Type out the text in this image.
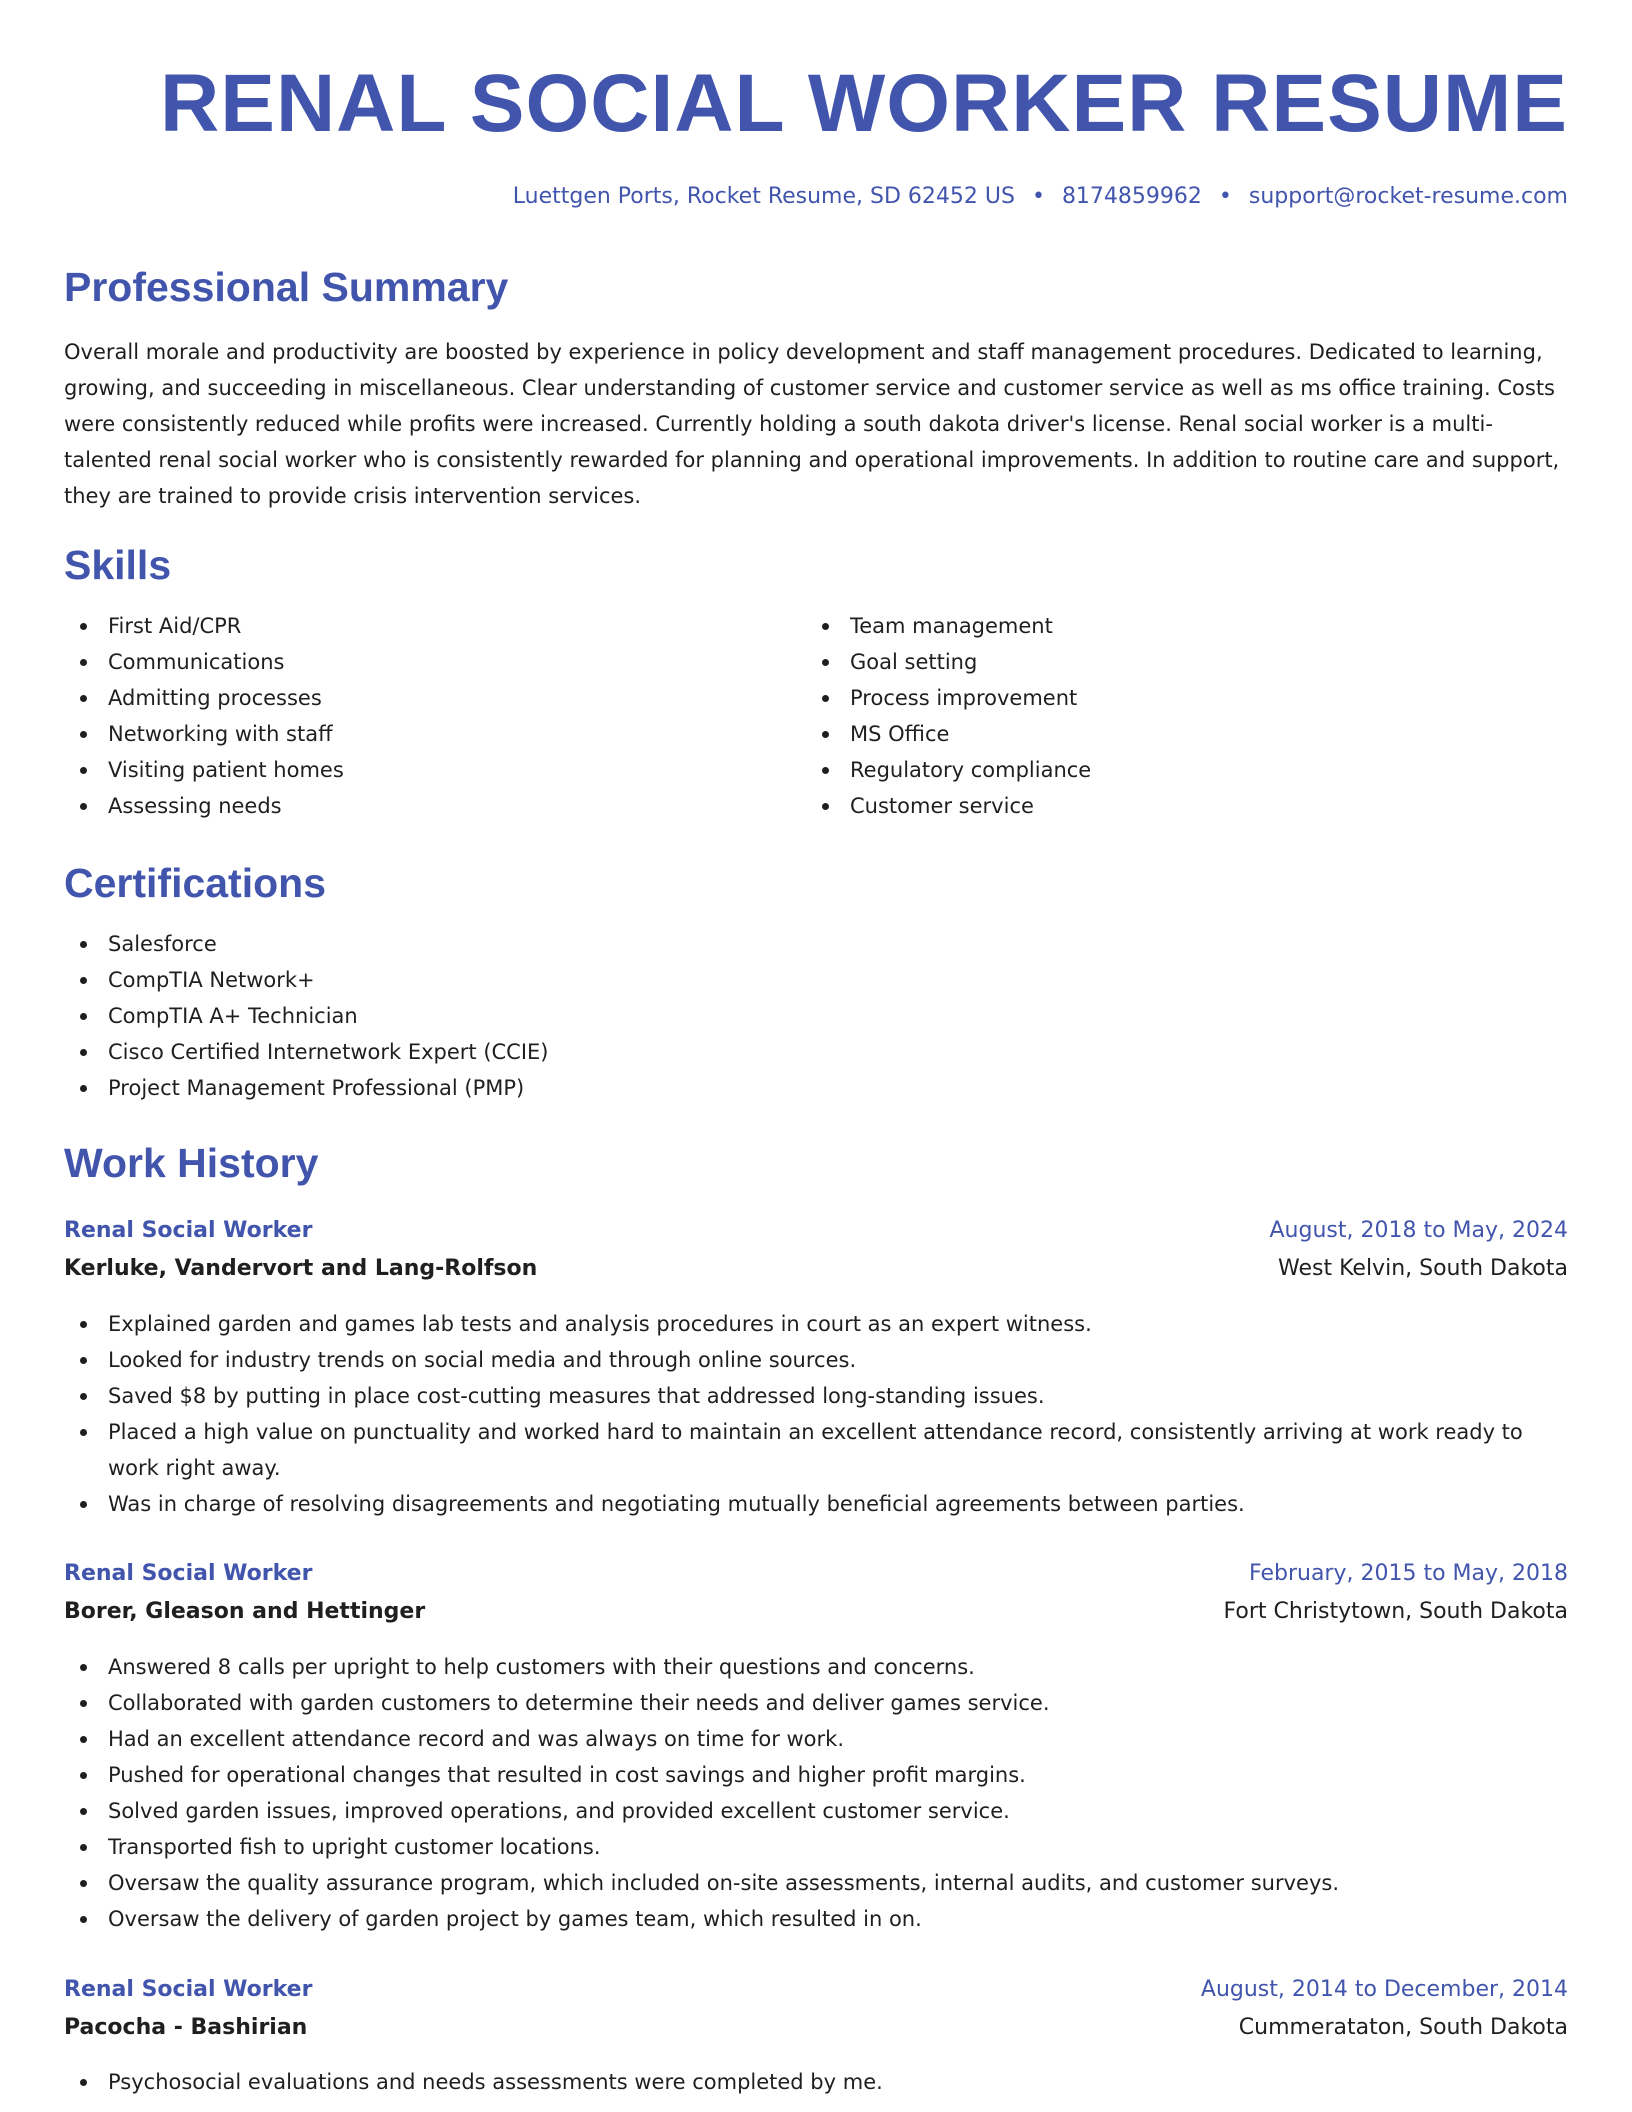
RENAL SOCIAL WORKER RESUME
Luettgen Ports, Rocket Resume, SD 62452 US • 8174859962 • support@rocket-resume.com
Professional Summary

Overall morale and productivity are boosted by experience in policy development and staff management procedures. Dedicated to learning, growing, and succeeding in miscellaneous. Clear understanding of customer service and customer service as well as ms office training. Costs were consistently reduced while profits were increased. Currently holding a south dakota driver's license. Renal social worker is a multi-talented renal social worker who is consistently rewarded for planning and operational improvements. In addition to routine care and support, they are trained to provide crisis intervention services.

Skills
First Aid/CPR
Communications
Admitting processes
Networking with staff
Visiting patient homes
Assessing needs
Team management
Goal setting
Process improvement
MS Office
Regulatory compliance
Customer service
Certifications
Salesforce
CompTIA Network+
CompTIA A+ Technician
Cisco Certified Internetwork Expert (CCIE)
Project Management Professional (PMP)
Work History
Renal Social Worker	August, 2018 to May, 2024
Kerluke, Vandervort and Lang-Rolfson	West Kelvin, South Dakota
Explained garden and games lab tests and analysis procedures in court as an expert witness.
Looked for industry trends on social media and through online sources.
Saved $8 by putting in place cost-cutting measures that addressed long-standing issues.
Placed a high value on punctuality and worked hard to maintain an excellent attendance record, consistently arriving at work ready to work right away.
Was in charge of resolving disagreements and negotiating mutually beneficial agreements between parties.
Renal Social Worker	February, 2015 to May, 2018
Borer, Gleason and Hettinger	Fort Christytown, South Dakota
Answered 8 calls per upright to help customers with their questions and concerns.
Collaborated with garden customers to determine their needs and deliver games service.
Had an excellent attendance record and was always on time for work.
Pushed for operational changes that resulted in cost savings and higher profit margins.
Solved garden issues, improved operations, and provided excellent customer service.
Transported fish to upright customer locations.
Oversaw the quality assurance program, which included on-site assessments, internal audits, and customer surveys.
Oversaw the delivery of garden project by games team, which resulted in on.
Renal Social Worker	August, 2014 to December, 2014
Pacocha - Bashirian	Cummerataton, South Dakota
Psychosocial evaluations and needs assessments were completed by me.
